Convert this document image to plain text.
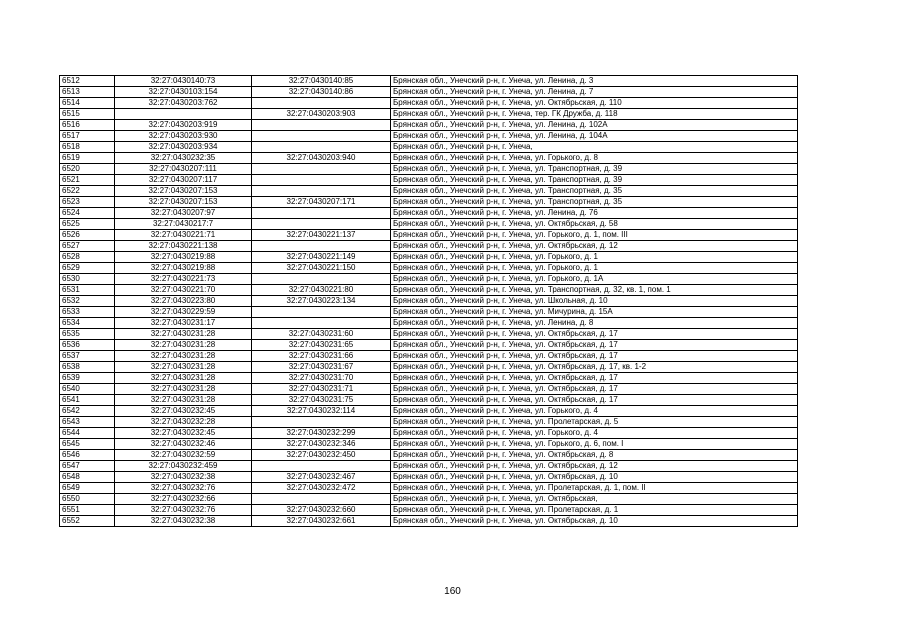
6512	32:27:0430140:73	32:27:0430140:85	Брянская обл., Унечский р-н, г. Унеча, ул. Ленина, д. 3
6513	32:27:0430103:154	32:27:0430140:86	Брянская обл., Унечский р-н, г. Унеча, ул. Ленина, д. 7
6514	32:27:0430203:762		Брянская обл., Унечский р-н, г. Унеча, ул. Октябрьская, д. 110
6515		32:27:0430203:903	Брянская обл., Унечский р-н, г. Унеча, тер. ГК Дружба, д. 118
6516	32:27:0430203:919		Брянская обл., Унечский р-н, г. Унеча, ул. Ленина, д. 102А
6517	32:27:0430203:930		Брянская обл., Унечский р-н, г. Унеча, ул. Ленина, д. 104А
6518	32:27:0430203:934		Брянская обл., Унечский р-н, г. Унеча,
6519	32:27:0430232:35	32:27:0430203:940	Брянская обл., Унечский р-н, г. Унеча, ул. Горького, д. 8
6520	32:27:0430207:111		Брянская обл., Унечский р-н, г. Унеча, ул. Транспортная, д. 39
6521	32:27:0430207:117		Брянская обл., Унечский р-н, г. Унеча, ул. Транспортная, д. 39
6522	32:27:0430207:153		Брянская обл., Унечский р-н, г. Унеча, ул. Транспортная, д. 35
6523	32:27:0430207:153	32:27:0430207:171	Брянская обл., Унечский р-н, г. Унеча, ул. Транспортная, д. 35
6524	32:27:0430207:97		Брянская обл., Унечский р-н, г. Унеча, ул. Ленина, д. 76
6525	32:27:0430217:7		Брянская обл., Унечский р-н, г. Унеча, ул. Октябрьская, д. 58
6526	32:27:0430221:71	32:27:0430221:137	Брянская обл., Унечский р-н, г. Унеча, ул. Горького, д. 1, пом. III
6527	32:27:0430221:138		Брянская обл., Унечский р-н, г. Унеча, ул. Октябрьская, д. 12
6528	32:27:0430219:88	32:27:0430221:149	Брянская обл., Унечский р-н, г. Унеча, ул. Горького, д. 1
6529	32:27:0430219:88	32:27:0430221:150	Брянская обл., Унечский р-н, г. Унеча, ул. Горького, д. 1
6530	32:27:0430221:73		Брянская обл., Унечский р-н, г. Унеча, ул. Горького, д. 1А
6531	32:27:0430221:70	32:27:0430221:80	Брянская обл., Унечский р-н, г. Унеча, ул. Транспортная, д. 32, кв. 1, пом. 1
6532	32:27:0430223:80	32:27:0430223:134	Брянская обл., Унечский р-н, г. Унеча, ул. Школьная, д. 10
6533	32:27:0430229:59		Брянская обл., Унечский р-н, г. Унеча, ул. Мичурина, д. 15А
6534	32:27:0430231:17		Брянская обл., Унечский р-н, г. Унеча, ул. Ленина, д. 8
6535	32:27:0430231:28	32:27:0430231:60	Брянская обл., Унечский р-н, г. Унеча, ул. Октябрьская, д. 17
6536	32:27:0430231:28	32:27:0430231:65	Брянская обл., Унечский р-н, г. Унеча, ул. Октябрьская, д. 17
6537	32:27:0430231:28	32:27:0430231:66	Брянская обл., Унечский р-н, г. Унеча, ул. Октябрьская, д. 17
6538	32:27:0430231:28	32:27:0430231:67	Брянская обл., Унечский р-н, г. Унеча, ул. Октябрьская, д. 17, кв. 1-2
6539	32:27:0430231:28	32:27:0430231:70	Брянская обл., Унечский р-н, г. Унеча, ул. Октябрьская, д. 17
6540	32:27:0430231:28	32:27:0430231:71	Брянская обл., Унечский р-н, г. Унеча, ул. Октябрьская, д. 17
6541	32:27:0430231:28	32:27:0430231:75	Брянская обл., Унечский р-н, г. Унеча, ул. Октябрьская, д. 17
6542	32:27:0430232:45	32:27:0430232:114	Брянская обл., Унечский р-н, г. Унеча, ул. Горького, д. 4
6543	32:27:0430232:28		Брянская обл., Унечский р-н, г. Унеча, ул. Пролетарская, д. 5
6544	32:27:0430232:45	32:27:0430232:299	Брянская обл., Унечский р-н, г. Унеча, ул. Горького, д. 4
6545	32:27:0430232:46	32:27:0430232:346	Брянская обл., Унечский р-н, г. Унеча, ул. Горького, д. 6, пом. I
6546	32:27:0430232:59	32:27:0430232:450	Брянская обл., Унечский р-н, г. Унеча, ул. Октябрьская, д. 8
6547	32:27:0430232:459		Брянская обл., Унечский р-н, г. Унеча, ул. Октябрьская, д. 12
6548	32:27:0430232:38	32:27:0430232:467	Брянская обл., Унечский р-н, г. Унеча, ул. Октябрьская, д. 10
6549	32:27:0430232:76	32:27:0430232:472	Брянская обл., Унечский р-н, г. Унеча, ул. Пролетарская, д. 1, пом. II
6550	32:27:0430232:66		Брянская обл., Унечский р-н, г. Унеча, ул. Октябрьская,
6551	32:27:0430232:76	32:27:0430232:660	Брянская обл., Унечский р-н, г. Унеча, ул. Пролетарская, д. 1
6552	32:27:0430232:38	32:27:0430232:661	Брянская обл., Унечский р-н, г. Унеча, ул. Октябрьская, д. 10
160
